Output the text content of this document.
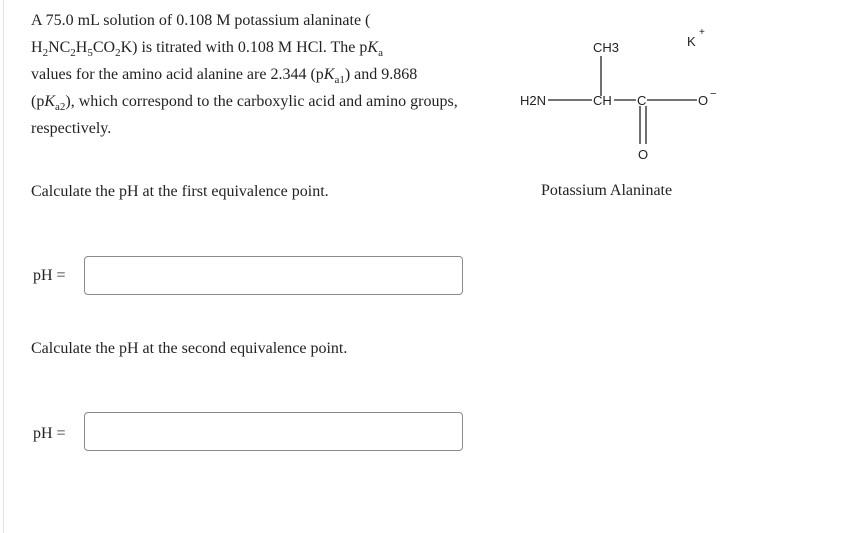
A 75.0 mL solution of 0.108 M potassium alaninate (
$H_2NC_2H_5CO_2K$) is titrated with 0.108 M HCl. The $pK_a$
values for the amino acid alanine are 2.344 $(pK_{a1})$ and 9.868
$(pK_{a2})$, which correspond to the carboxylic acid and amino groups, respectively.

CH3	K
+
H2N	CH C	O −
O

Potassium Alaninate

Calculate the pH at the first equivalence point.

pH =

Calculate the pH at the second equivalence point.

pH =
